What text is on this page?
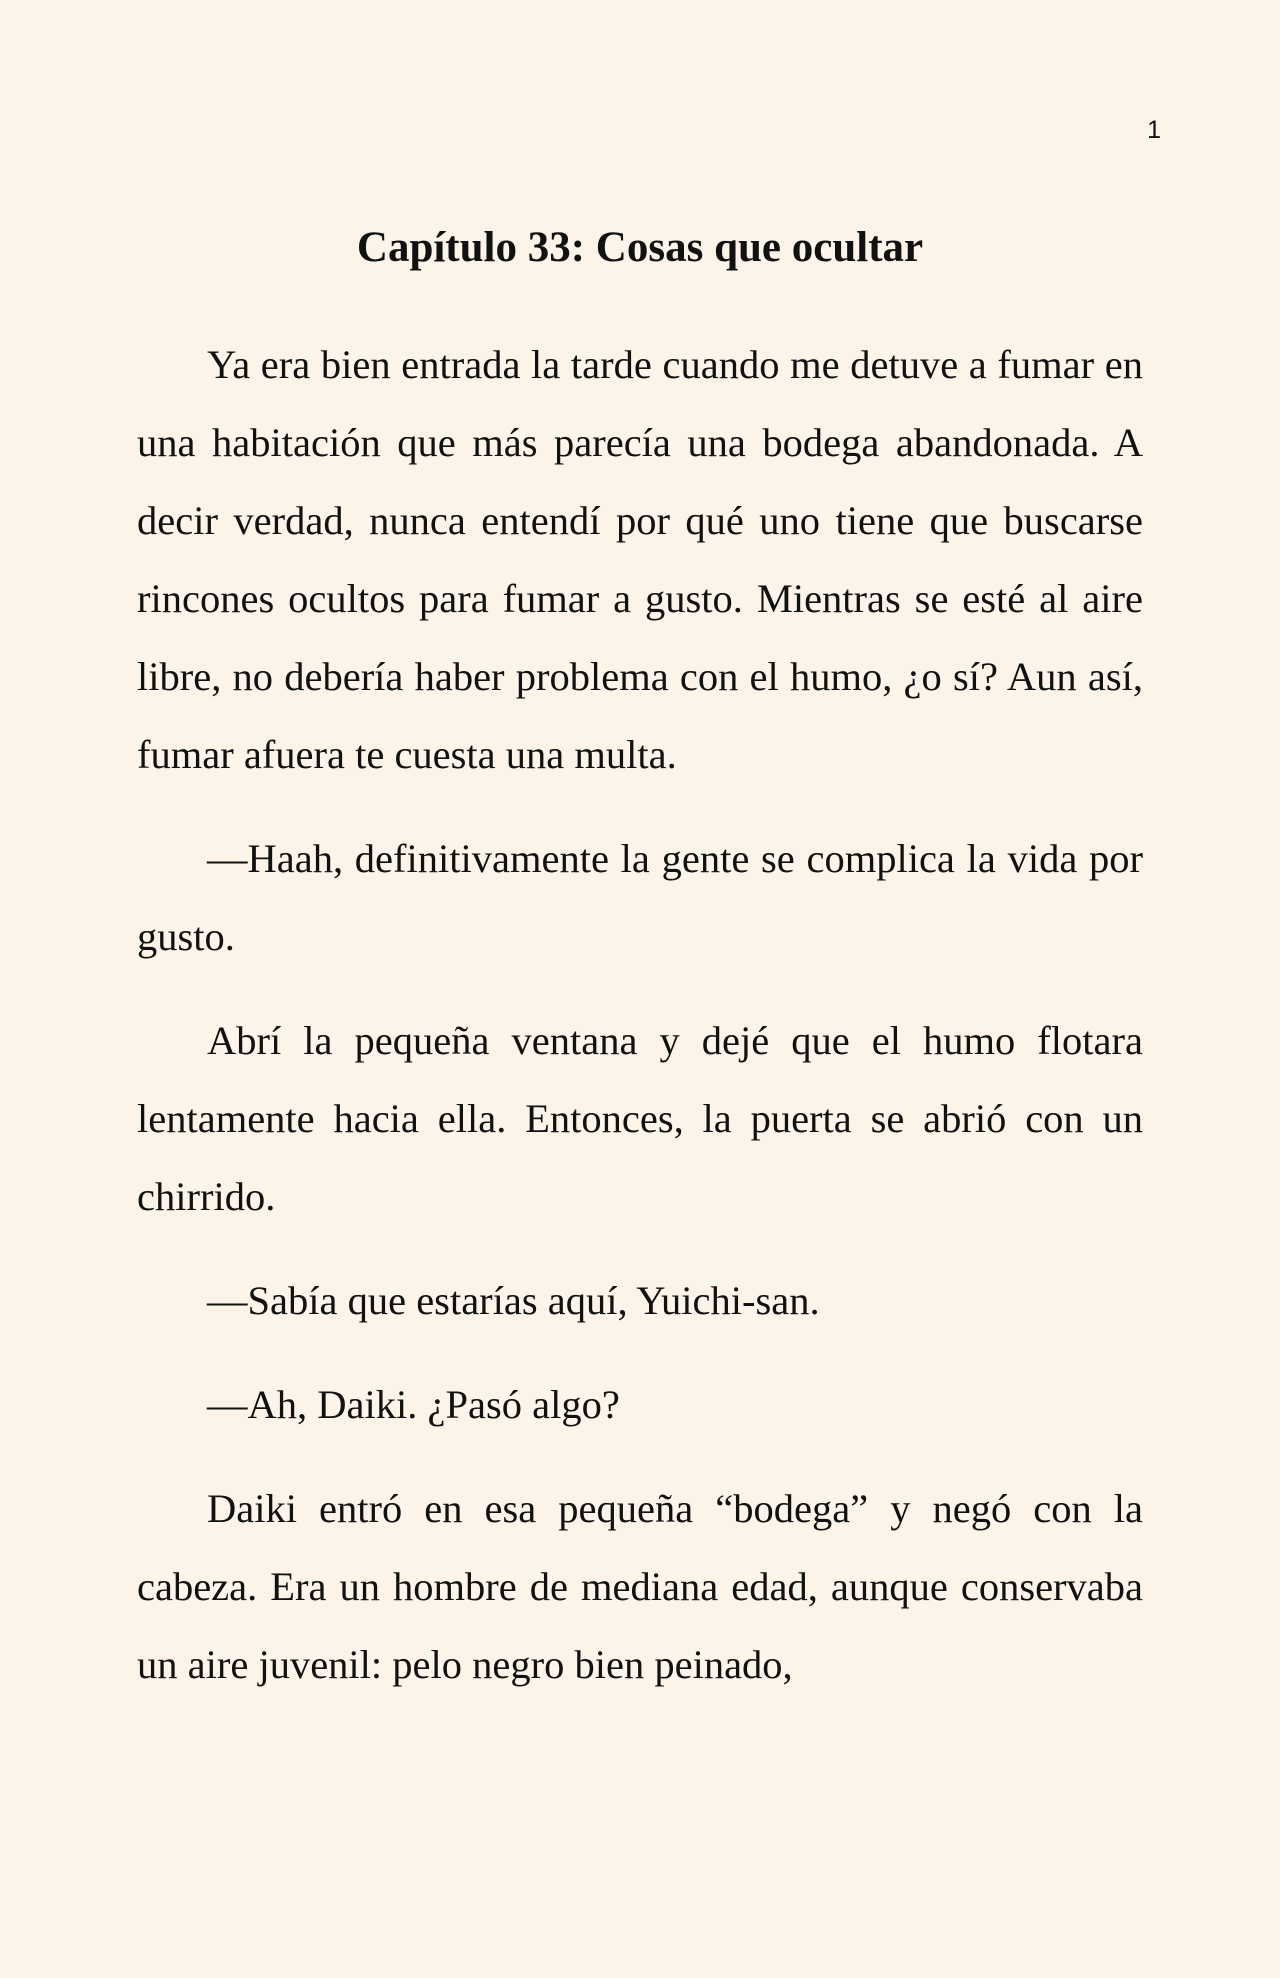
1
Capítulo 33: Cosas que ocultar

Ya era bien entrada la tarde cuando me detuve a fumar en una habitación que más parecía una bodega abandonada. A decir verdad, nunca entendí por qué uno tiene que buscarse rincones ocultos para fumar a gusto. Mientras se esté al aire libre, no debería haber problema con el humo, ¿o sí? Aun así, fumar afuera te cuesta una multa.

—Haah, definitivamente la gente se complica la vida por gusto.

Abrí la pequeña ventana y dejé que el humo flotara lentamente hacia ella. Entonces, la puerta se abrió con un chirrido.

—Sabía que estarías aquí, Yuichi-san.

—Ah, Daiki. ¿Pasó algo?

Daiki entró en esa pequeña “bodega” y negó con la cabeza. Era un hombre de mediana edad, aunque conservaba un aire juvenil: pelo negro bien peinado,
